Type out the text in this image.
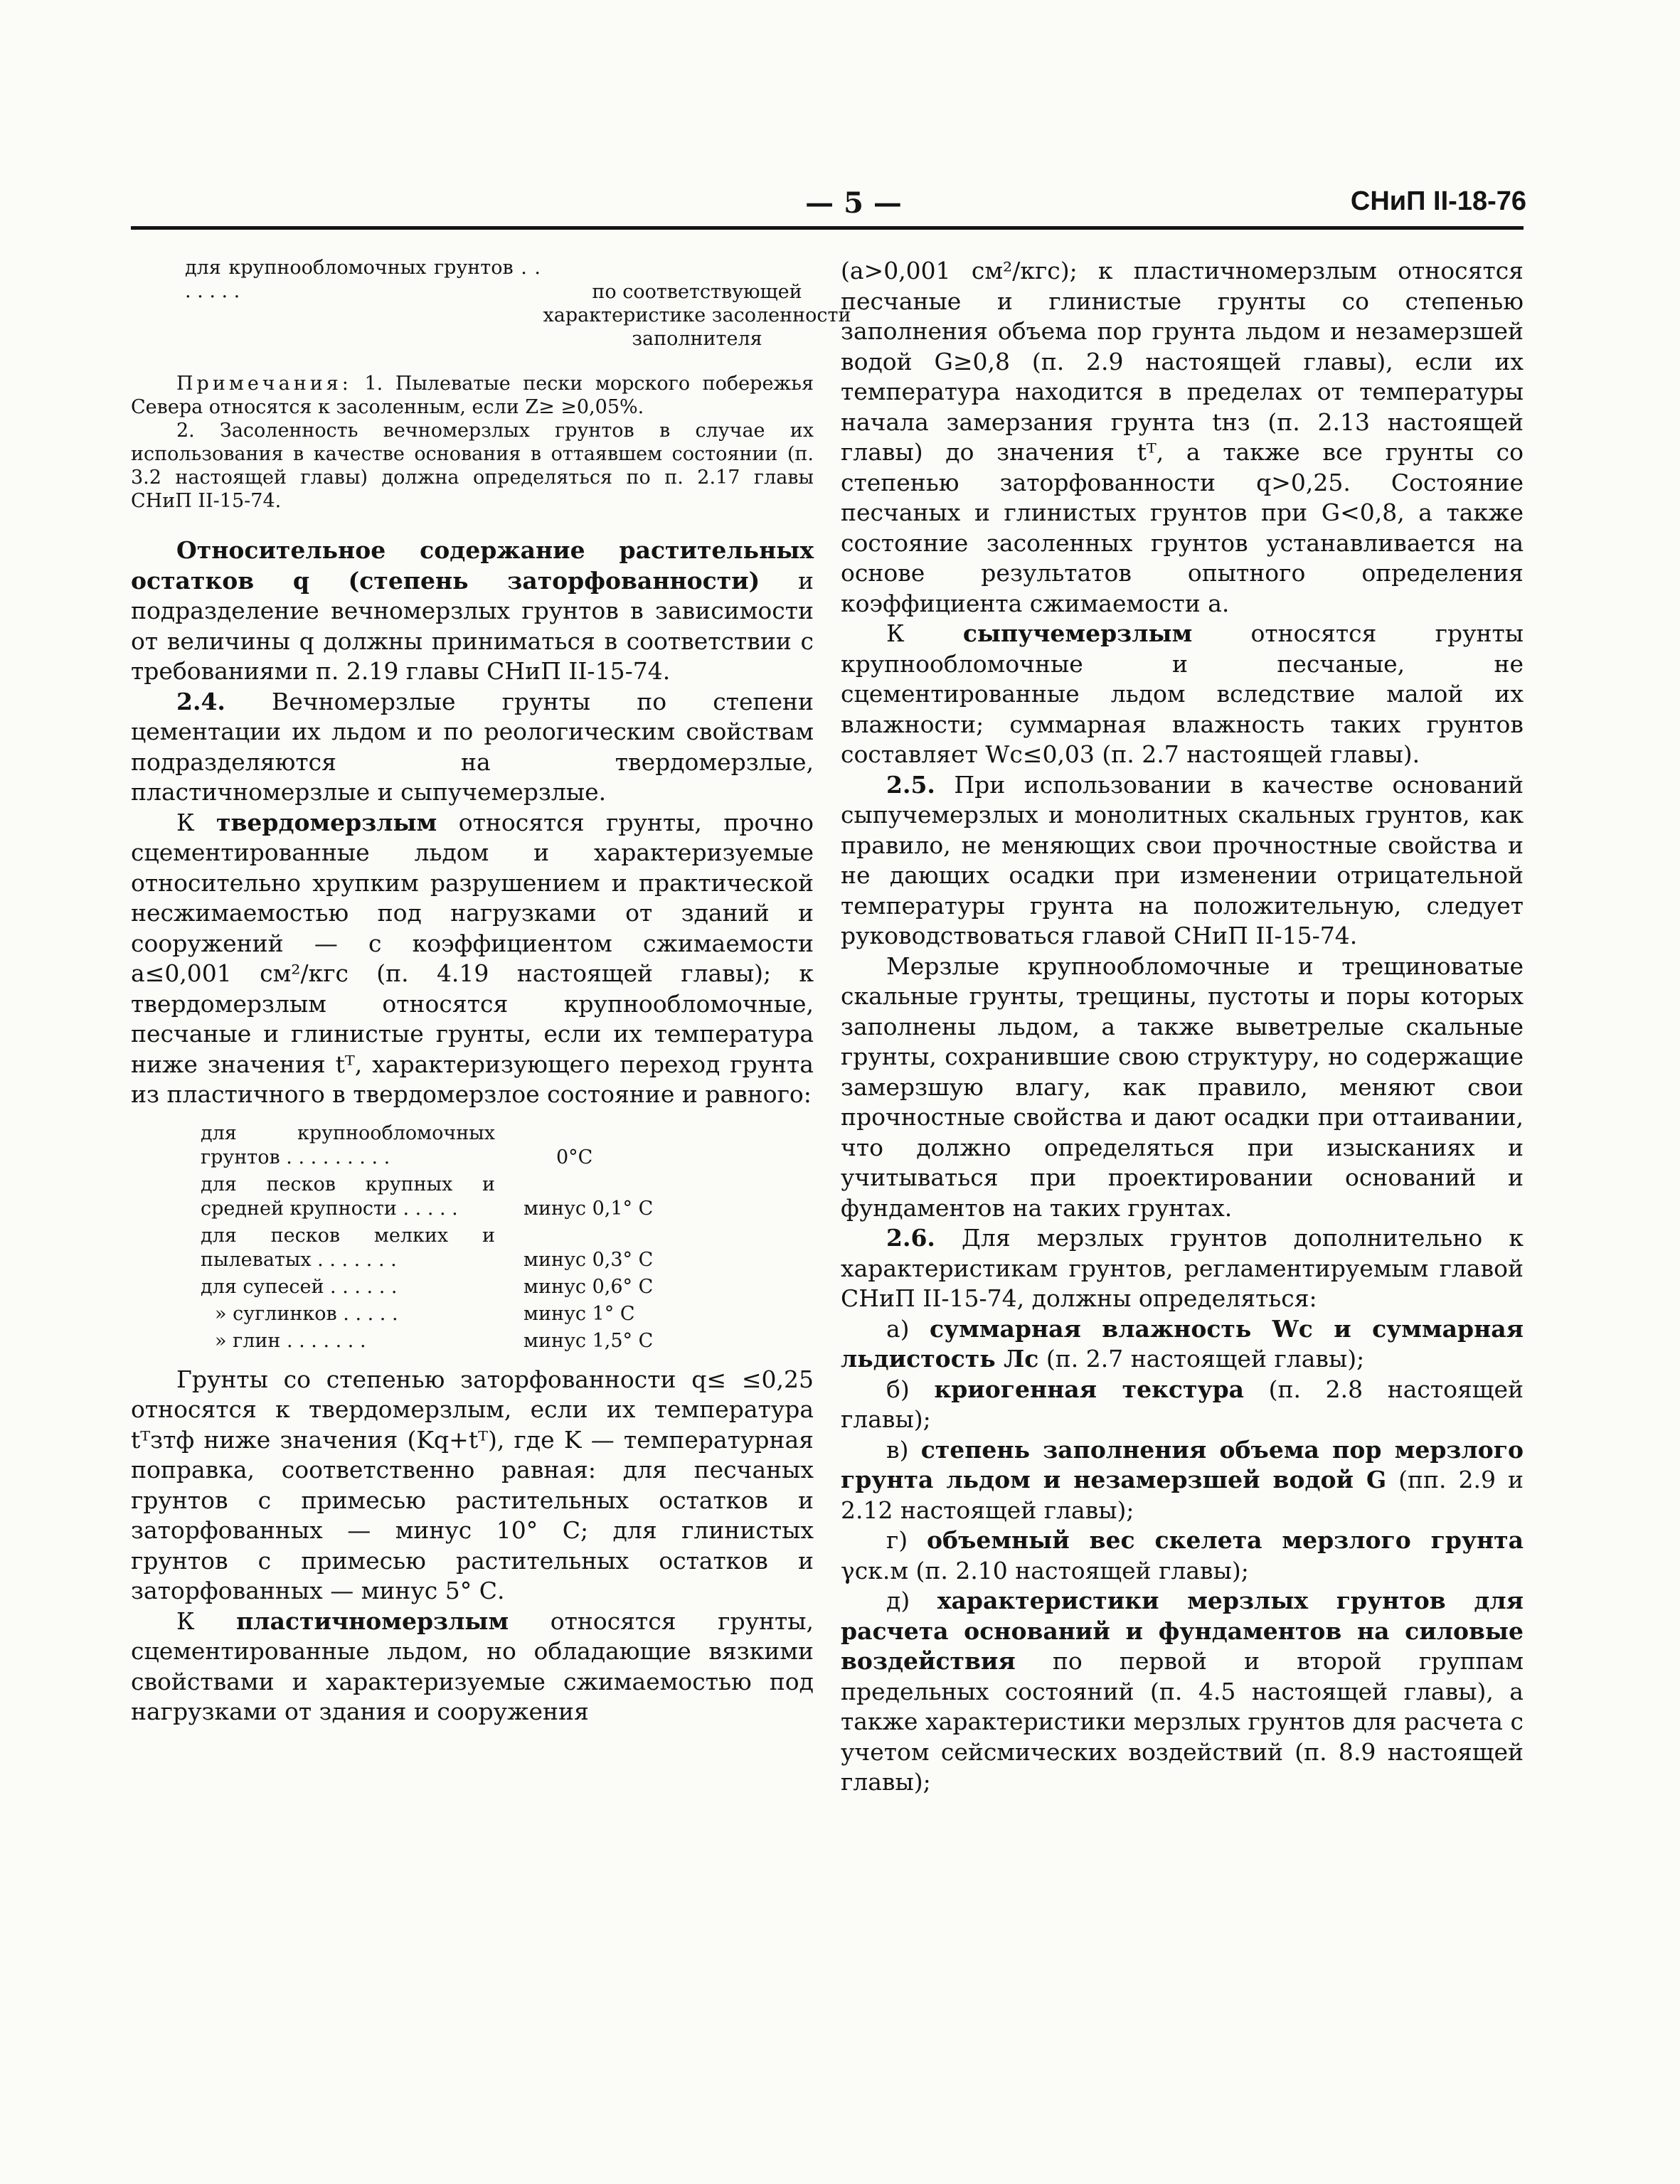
— 5 —	СНиП II-18-76
для крупнообломочных грунтов . . . . . . .	по соответствующей характеристике засоленности заполнителя

Примечания: 1. Пылеватые пески морского побережья Севера относятся к засоленным, если Z≥ ≥0,05%.

2. Засоленность вечномерзлых грунтов в случае их использования в качестве основания в оттаявшем состоянии (п. 3.2 настоящей главы) должна определяться по п. 2.17 главы СНиП II-15-74.

Относительное содержание растительных остатков q (степень заторфованности) и подразделение вечномерзлых грунтов в зависимости от величины q должны приниматься в соответствии с требованиями п. 2.19 главы СНиП II-15-74.

2.4. Вечномерзлые грунты по степени цементации их льдом и по реологическим свойствам подразделяются на твердомерзлые, пластичномерзлые и сыпучемерзлые.

К твердомерзлым относятся грунты, прочно сцементированные льдом и характеризуемые относительно хрупким разрушением и практической несжимаемостью под нагрузками от зданий и сооружений — с коэффициентом сжимаемости a≤0,001 см²/кгс (п. 4.19 настоящей главы); к твердомерзлым относятся крупнообломочные, песчаные и глинистые грунты, если их температура ниже значения tᵀ, характеризующего переход грунта из пластичного в твердомерзлое состояние и равного:

для крупнообломочных грунтов . . . . . . . . .	0°С
для песков крупных и средней крупности . . . . .	минус 0,1° С
для песков мелких и пылеватых . . . . . . .	минус 0,3° С
для супесей . . . . . .	минус 0,6° С
» суглинков . . . . .	минус 1° С
» глин . . . . . . .	минус 1,5° С

Грунты со степенью заторфованности q≤ ≤0,25 относятся к твердомерзлым, если их температура tᵀзтф ниже значения (Kq+tᵀ), где K — температурная поправка, соответственно равная: для песчаных грунтов с примесью растительных остатков и заторфованных — минус 10° С; для глинистых грунтов с примесью растительных остатков и заторфованных — минус 5° С.

К пластичномерзлым относятся грунты, сцементированные льдом, но обладающие вязкими свойствами и характеризуемые сжимаемостью под нагрузками от здания и сооружения

(a>0,001 см²/кгс); к пластичномерзлым относятся песчаные и глинистые грунты со степенью заполнения объема пор грунта льдом и незамерзшей водой G≥0,8 (п. 2.9 настоящей главы), если их температура находится в пределах от температуры начала замерзания грунта tнз (п. 2.13 настоящей главы) до значения tᵀ, а также все грунты со степенью заторфованности q>0,25. Состояние песчаных и глинистых грунтов при G<0,8, а также состояние засоленных грунтов устанавливается на основе результатов опытного определения коэффициента сжимаемости a.

К сыпучемерзлым относятся грунты крупнообломочные и песчаные, не сцементированные льдом вследствие малой их влажности; суммарная влажность таких грунтов составляет Wc≤0,03 (п. 2.7 настоящей главы).

2.5. При использовании в качестве оснований сыпучемерзлых и монолитных скальных грунтов, как правило, не меняющих свои прочностные свойства и не дающих осадки при изменении отрицательной температуры грунта на положительную, следует руководствоваться главой СНиП II-15-74.

Мерзлые крупнообломочные и трещиноватые скальные грунты, трещины, пустоты и поры которых заполнены льдом, а также выветрелые скальные грунты, сохранившие свою структуру, но содержащие замерзшую влагу, как правило, меняют свои прочностные свойства и дают осадки при оттаивании, что должно определяться при изысканиях и учитываться при проектировании оснований и фундаментов на таких грунтах.

2.6. Для мерзлых грунтов дополнительно к характеристикам грунтов, регламентируемым главой СНиП II-15-74, должны определяться:

а) суммарная влажность Wc и суммарная льдистость Лc (п. 2.7 настоящей главы);

б) криогенная текстура (п. 2.8 настоящей главы);

в) степень заполнения объема пор мерзлого грунта льдом и незамерзшей водой G (пп. 2.9 и 2.12 настоящей главы);

г) объемный вес скелета мерзлого грунта γск.м (п. 2.10 настоящей главы);

д) характеристики мерзлых грунтов для расчета оснований и фундаментов на силовые воздействия по первой и второй группам предельных состояний (п. 4.5 настоящей главы), а также характеристики мерзлых грунтов для расчета с учетом сейсмических воздействий (п. 8.9 настоящей главы);
